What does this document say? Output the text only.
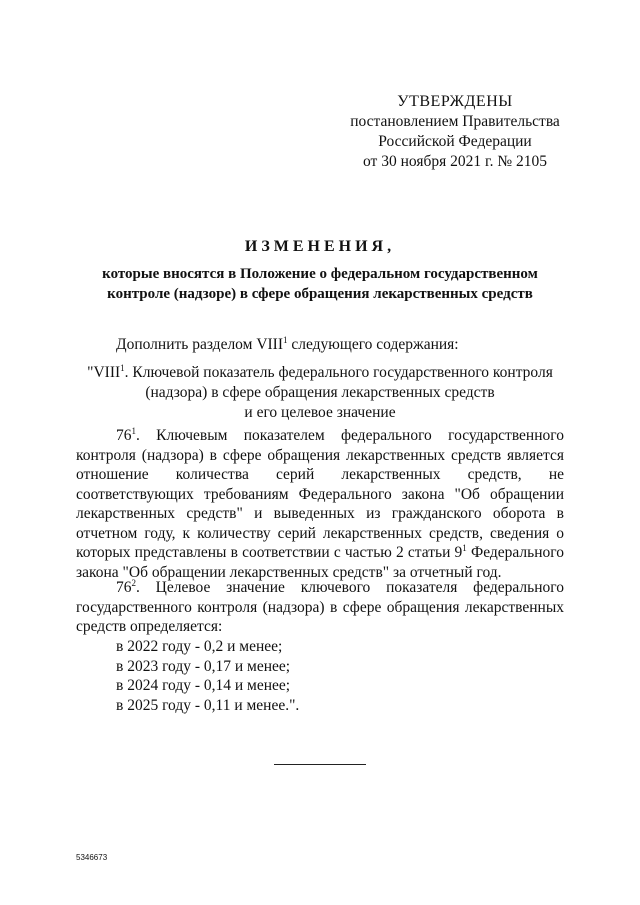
УТВЕРЖДЕНЫ
постановлением Правительства
Российской Федерации
от 30 ноября 2021 г. № 2105
ИЗМЕНЕНИЯ,
которые вносятся в Положение о федеральном государственном
контроле (надзоре) в сфере обращения лекарственных средств
Дополнить разделом VIII$^1$ следующего содержания:
"VIII$^1$. Ключевой показатель федерального государственного контроля
(надзора) в сфере обращения лекарственных средств
и его целевое значение
$76^1$. Ключевым показателем федерального государственного контроля (надзора) в сфере обращения лекарственных средств является отношение количества серий лекарственных средств, не соответствующих требованиям Федерального закона "Об обращении лекарственных средств" и выведенных из гражданского оборота в отчетном году, к количеству серий лекарственных средств, сведения о которых представлены в соответствии с частью 2 статьи $9^1$ Федерального закона "Об обращении лекарственных средств" за отчетный год.
$76^2$. Целевое значение ключевого показателя федерального государственного контроля (надзора) в сфере обращения лекарственных средств определяется:
в 2022 году - 0,2 и менее;
в 2023 году - 0,17 и менее;
в 2024 году - 0,14 и менее;
в 2025 году - 0,11 и менее.".
5346673
